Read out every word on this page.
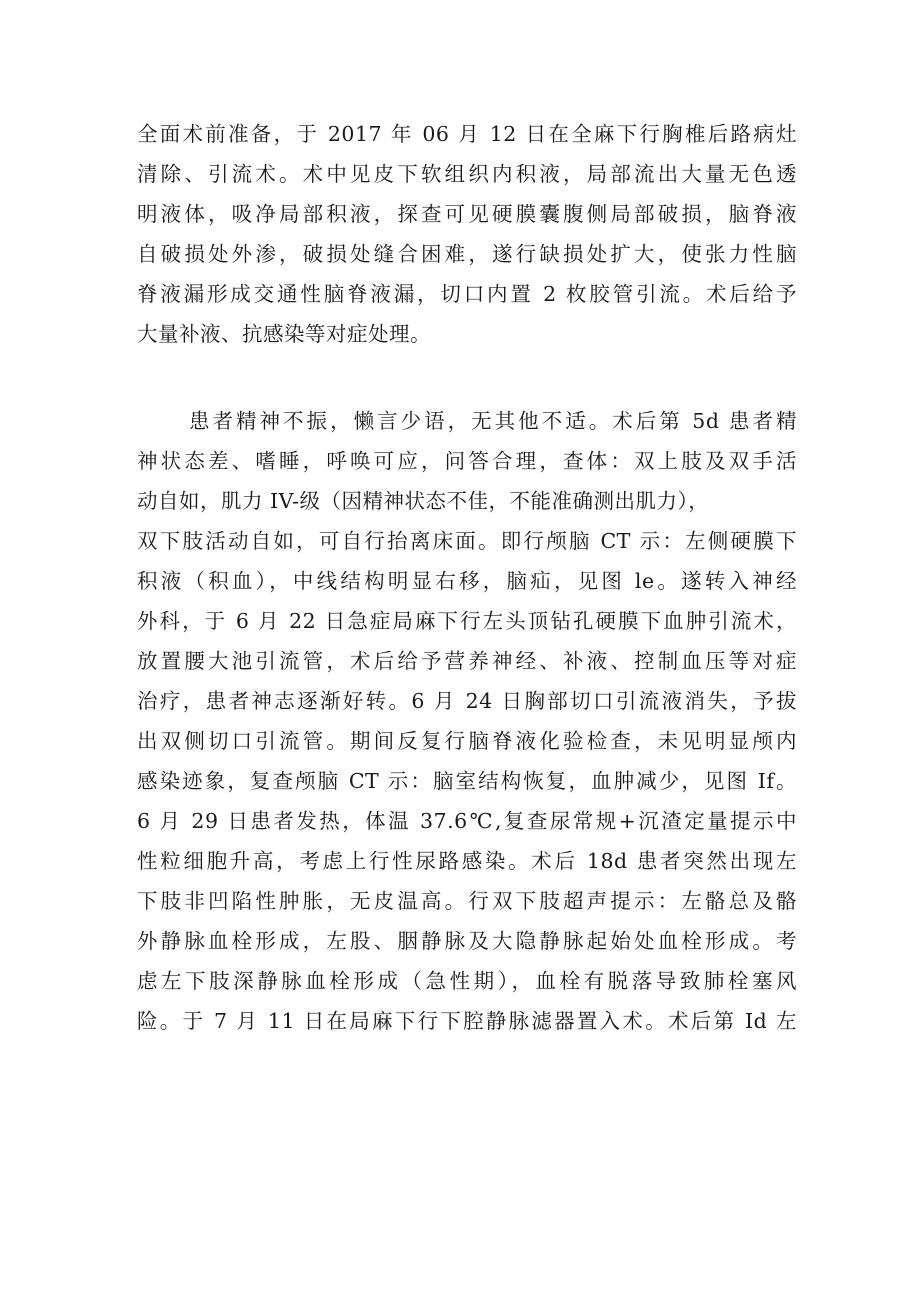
全面术前准备，于 2017 年 06 月 12 日在全麻下行胸椎后路病灶
清除、引流术。术中见皮下软组织内积液，局部流出大量无色透
明液体，吸净局部积液，探查可见硬膜囊腹侧局部破损，脑脊液
自破损处外渗，破损处缝合困难，遂行缺损处扩大，使张力性脑
脊液漏形成交通性脑脊液漏，切口内置 2 枚胶管引流。术后给予
大量补液、抗感染等对症处理。
患者精神不振，懒言少语，无其他不适。术后第 5d 患者精
神状态差、嗜睡，呼唤可应，问答合理，查体：双上肢及双手活
动自如，肌力 IV-级（因精神状态不佳，不能准确测出肌力），
双下肢活动自如，可自行抬离床面。即行颅脑 CT 示：左侧硬膜下
积液（积血），中线结构明显右移，脑疝，见图 le。遂转入神经
外科，于 6 月 22 日急症局麻下行左头顶钻孔硬膜下血肿引流术，
放置腰大池引流管，术后给予营养神经、补液、控制血压等对症
治疗，患者神志逐渐好转。6 月 24 日胸部切口引流液消失，予拔
出双侧切口引流管。期间反复行脑脊液化验检查，未见明显颅内
感染迹象，复查颅脑 CT 示：脑室结构恢复，血肿减少，见图 If。
6 月 29 日患者发热，体温 37.6℃,复查尿常规+沉渣定量提示中
性粒细胞升高，考虑上行性尿路感染。术后 18d 患者突然出现左
下肢非凹陷性肿胀，无皮温高。行双下肢超声提示：左骼总及骼
外静脉血栓形成，左股、胭静脉及大隐静脉起始处血栓形成。考
虑左下肢深静脉血栓形成（急性期），血栓有脱落导致肺栓塞风
险。于 7 月 11 日在局麻下行下腔静脉滤器置入术。术后第 Id 左
